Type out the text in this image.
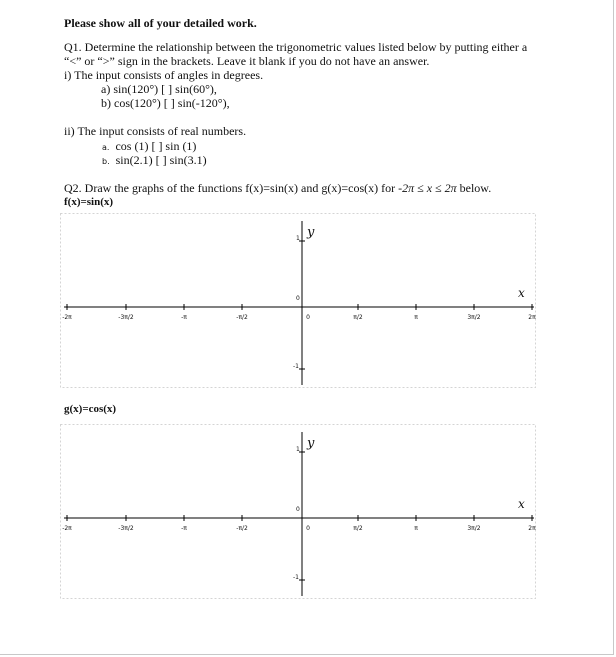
Please show all of your detailed work.
Q1. Determine the relationship between the trigonometric values listed below by putting either a
“<” or “>” sign in the brackets. Leave it blank if you do not have an answer.
i) The input consists of angles in degrees.
a) sin(120°) [ ] sin(60°),
b) cos(120°) [ ] sin(-120°),
ii) The input consists of real numbers.
a. cos (1) [ ] sin (1)
b. sin(2.1) [ ] sin(3.1)
Q2. Draw the graphs of the functions f(x)=sin(x) and g(x)=cos(x) for -2π ≤ x ≤ 2π below.
f(x)=sin(x)
-2π	-3π/2	-π	-π/2	0	π/2	π	3π/2	2π
1
0
-1
y
x
g(x)=cos(x)
-2π	-3π/2	-π	-π/2	0	π/2	π	3π/2	2π
1
0
-1
y
x
